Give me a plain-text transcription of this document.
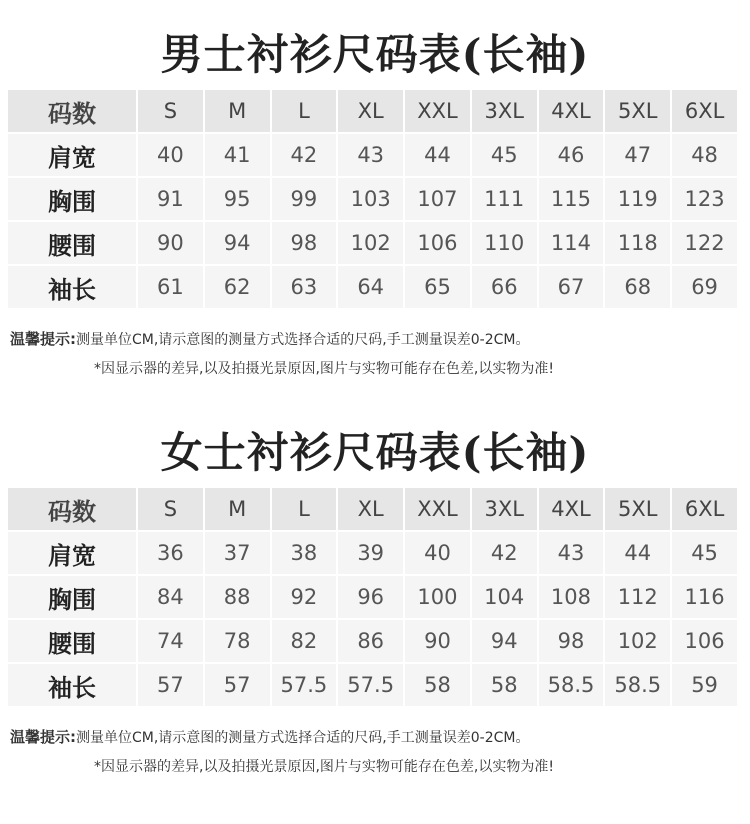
男士衬衫尺码表(长袖)
码数	S	M	L	XL	XXL	3XL	4XL	5XL	6XL
肩宽	40	41	42	43	44	45	46	47	48
胸围	91	95	99	103	107	111	115	119	123
腰围	90	94	98	102	106	110	114	118	122
袖长	61	62	63	64	65	66	67	68	69
温馨提示:测量单位CM,请示意图的测量方式选择合适的尺码,手工测量误差0-2CM。
*因显示器的差异,以及拍摄光景原因,图片与实物可能存在色差,以实物为准!
女士衬衫尺码表(长袖)
码数	S	M	L	XL	XXL	3XL	4XL	5XL	6XL
肩宽	36	37	38	39	40	42	43	44	45
胸围	84	88	92	96	100	104	108	112	116
腰围	74	78	82	86	90	94	98	102	106
袖长	57	57	57.5	57.5	58	58	58.5	58.5	59
温馨提示:测量单位CM,请示意图的测量方式选择合适的尺码,手工测量误差0-2CM。
*因显示器的差异,以及拍摄光景原因,图片与实物可能存在色差,以实物为准!
